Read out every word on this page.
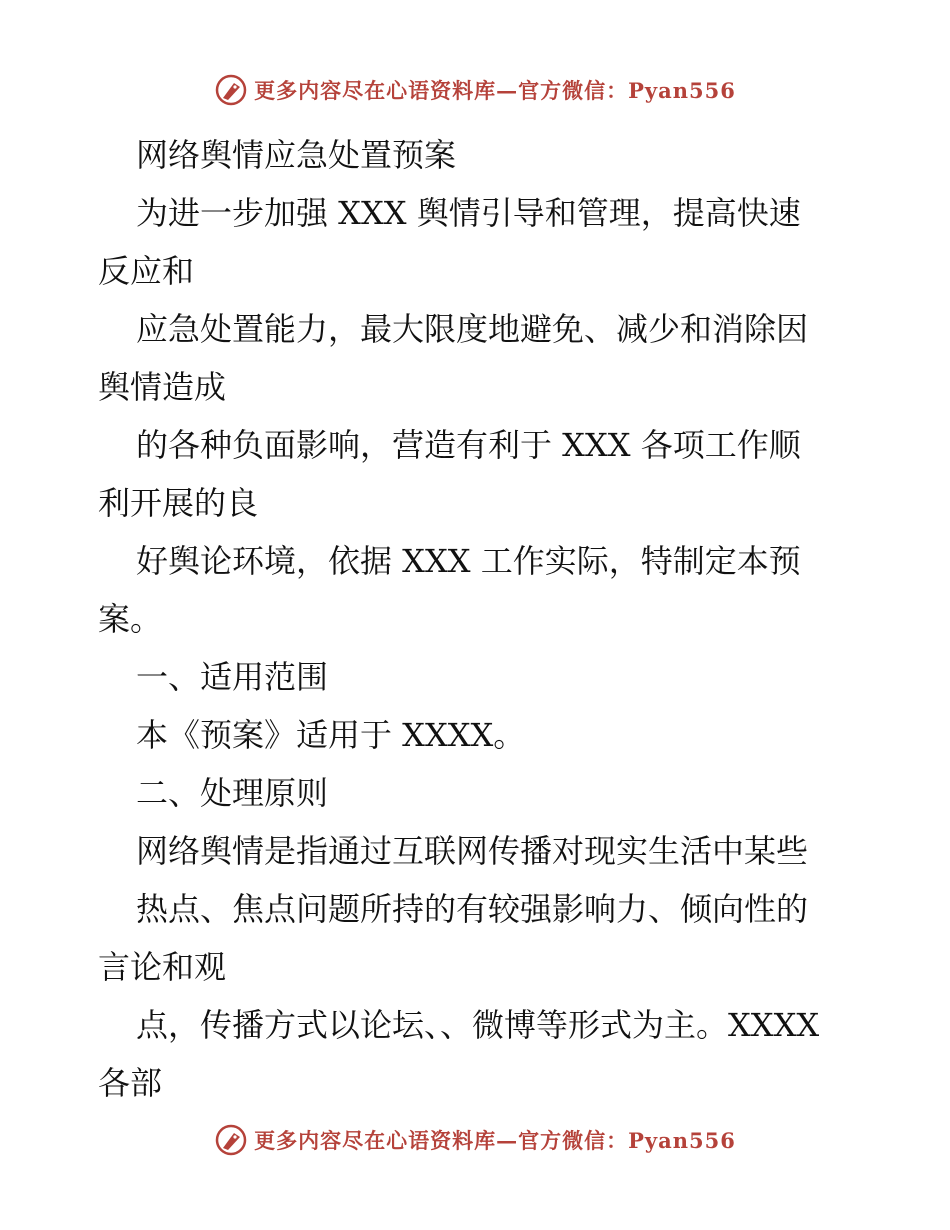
更多内容尽在心语资料库—官方微信：Pyan556

网络舆情应急处置预案

为进一步加强 XXX 舆情引导和管理，提高快速

反应和

应急处置能力，最大限度地避免、减少和消除因

舆情造成

的各种负面影响，营造有利于 XXX 各项工作顺

利开展的良

好舆论环境，依据 XXX 工作实际，特制定本预

案。

一、适用范围

本《预案》适用于 XXXX。

二、处理原则

网络舆情是指通过互联网传播对现实生活中某些

热点、焦点问题所持的有较强影响力、倾向性的

言论和观

点，传播方式以论坛、、微博等形式为主。XXXX

各部

更多内容尽在心语资料库—官方微信：Pyan556
